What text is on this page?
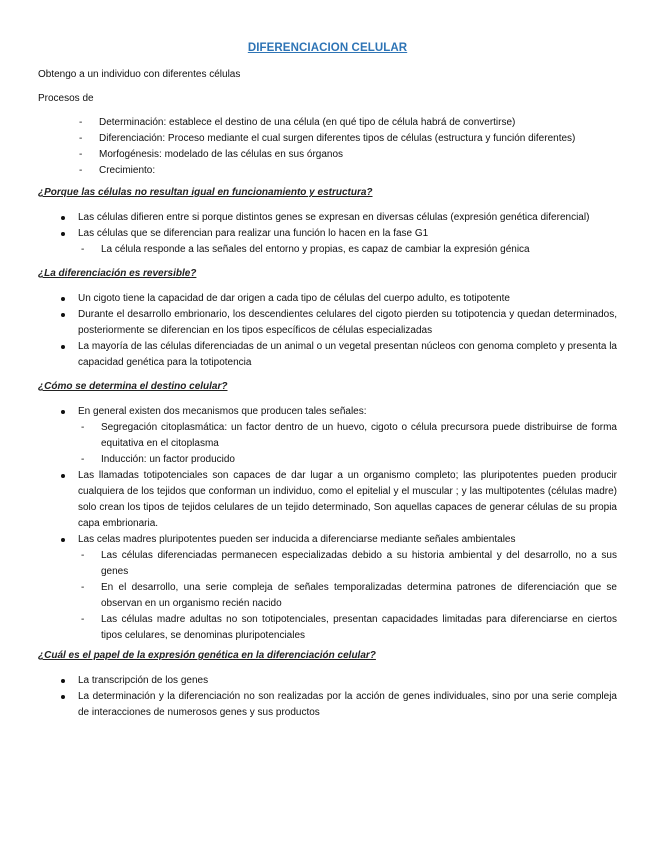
DIFERENCIACION CELULAR
Obtengo a un individuo con diferentes células
Procesos de
- Determinación: establece el destino de una célula (en qué tipo de célula habrá de convertirse)
- Diferenciación: Proceso mediante el cual surgen diferentes tipos de células (estructura y función diferentes)
- Morfogénesis: modelado de las células en sus órganos
- Crecimiento:
¿Porque las células no resultan igual en funcionamiento y estructura?
Las células difieren entre si porque distintos genes se expresan en diversas células (expresión genética diferencial)
Las células que se diferencian para realizar una función lo hacen en la fase G1
- La célula responde a las señales del entorno y propias, es capaz de cambiar la expresión génica
¿La diferenciación es reversible?
Un cigoto tiene la capacidad de dar origen a cada tipo de células del cuerpo adulto, es totipotente
Durante el desarrollo embrionario, los descendientes celulares del cigoto pierden su totipotencia y quedan determinados, posteriormente se diferencian en los tipos específicos de células especializadas
La mayoría de las células diferenciadas de un animal o un vegetal presentan núcleos con genoma completo y presenta la capacidad genética para la totipotencia
¿Cómo se determina el destino celular?
En general existen dos mecanismos que producen tales señales:
- Segregación citoplasmática: un factor dentro de un huevo, cigoto o célula precursora puede distribuirse de forma equitativa en el citoplasma
- Inducción: un factor producido
Las llamadas totipotenciales son capaces de dar lugar a un organismo completo; las pluripotentes pueden producir cualquiera de los tejidos que conforman un individuo, como el epitelial y el muscular ; y las multipotentes (células madre) solo crean los tipos de tejidos celulares de un tejido determinado, Son aquellas capaces de generar células de su propia capa embrionaria.
Las celas madres pluripotentes pueden ser inducida a diferenciarse mediante señales ambientales
- Las células diferenciadas permanecen especializadas debido a su historia ambiental y del desarrollo, no a sus genes
- En el desarrollo, una serie compleja de señales temporalizadas determina patrones de diferenciación que se observan en un organismo recién nacido
- Las células madre adultas no son totipotenciales, presentan capacidades limitadas para diferenciarse en ciertos tipos celulares, se denominas pluripotenciales
¿Cuál es el papel de la expresión genética en la diferenciación celular?
La transcripción de los genes
La determinación y la diferenciación no son realizadas por la acción de genes individuales, sino por una serie compleja de interacciones de numerosos genes y sus productos
